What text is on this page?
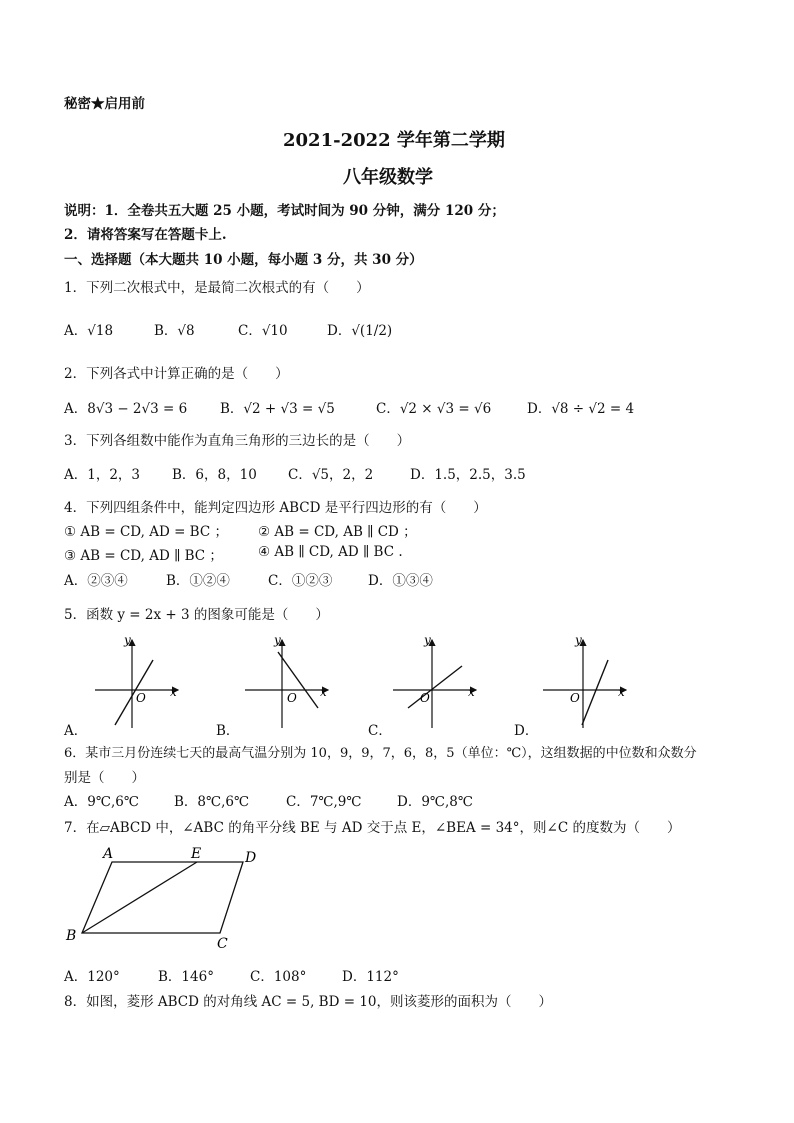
秘密★启用前
2021-2022 学年第二学期
八年级数学
说明：1．全卷共五大题 25 小题，考试时间为 90 分钟，满分 120 分；
2．请将答案写在答题卡上.
一、选择题（本大题共 10 小题，每小题 3 分，共 30 分）
1．下列二次根式中，是最简二次根式的有（　　）
A．√18	B．√8	C．√10	D．√(1/2)
2．下列各式中计算正确的是（　　）
A．8√3 − 2√3 = 6 B．√2 + √3 = √5	C．√2 × √3 = √6	D．√8 ÷ √2 = 4
3．下列各组数中能作为直角三角形的三边长的是（　　）
A．1，2，3 B．6，8，10 C．√5，2，2	D．1.5，2.5，3.5
4．下列四组条件中，能判定四边形 ABCD 是平行四边形的有（　　）
① AB = CD, AD = BC ； ② AB = CD, AB ∥ CD ；
③ AB = CD, AD ∥ BC ；	④ AB ∥ CD, AD ∥ BC .
A．②③④	B．①②④	C．①②③	D．①③④
5．函数 y = 2x + 3 的图象可能是（　　）
O x
y
O x
y
O	x
y
O	x
y
A．	B．	C．	D．
6．某市三月份连续七天的最高气温分别为 10，9，9，7，6，8，5（单位：℃），这组数据的中位数和众数分
别是（　　）
A．9℃,6℃	B．8℃,6℃	C．7℃,9℃	D．9℃,8℃
7．在▱ABCD 中，∠ABC 的角平分线 BE 与 AD 交于点 E，∠BEA = 34°，则∠C 的度数为（　　）
A	E	D
B	C
A．120°	B．146°	C．108°	D．112°
8．如图，菱形 ABCD 的对角线 AC = 5, BD = 10，则该菱形的面积为（　　）
